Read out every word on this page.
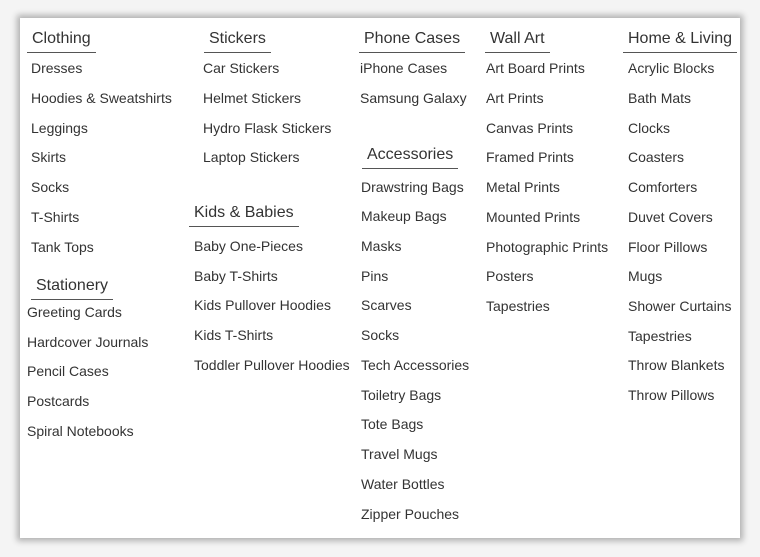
Clothing
Dresses
Hoodies & Sweatshirts
Leggings
Skirts
Socks
T-Shirts
Tank Tops
Stationery
Greeting Cards
Hardcover Journals
Pencil Cases
Postcards
Spiral Notebooks
Stickers
Car Stickers
Helmet Stickers
Hydro Flask Stickers
Laptop Stickers
Kids & Babies
Baby One-Pieces
Baby T-Shirts
Kids Pullover Hoodies
Kids T-Shirts
Toddler Pullover Hoodies
Phone Cases
iPhone Cases
Samsung Galaxy
Accessories
Drawstring Bags
Makeup Bags
Masks
Pins
Scarves
Socks
Tech Accessories
Toiletry Bags
Tote Bags
Travel Mugs
Water Bottles
Zipper Pouches
Wall Art
Art Board Prints
Art Prints
Canvas Prints
Framed Prints
Metal Prints
Mounted Prints
Photographic Prints
Posters
Tapestries
Home & Living
Acrylic Blocks
Bath Mats
Clocks
Coasters
Comforters
Duvet Covers
Floor Pillows
Mugs
Shower Curtains
Tapestries
Throw Blankets
Throw Pillows
